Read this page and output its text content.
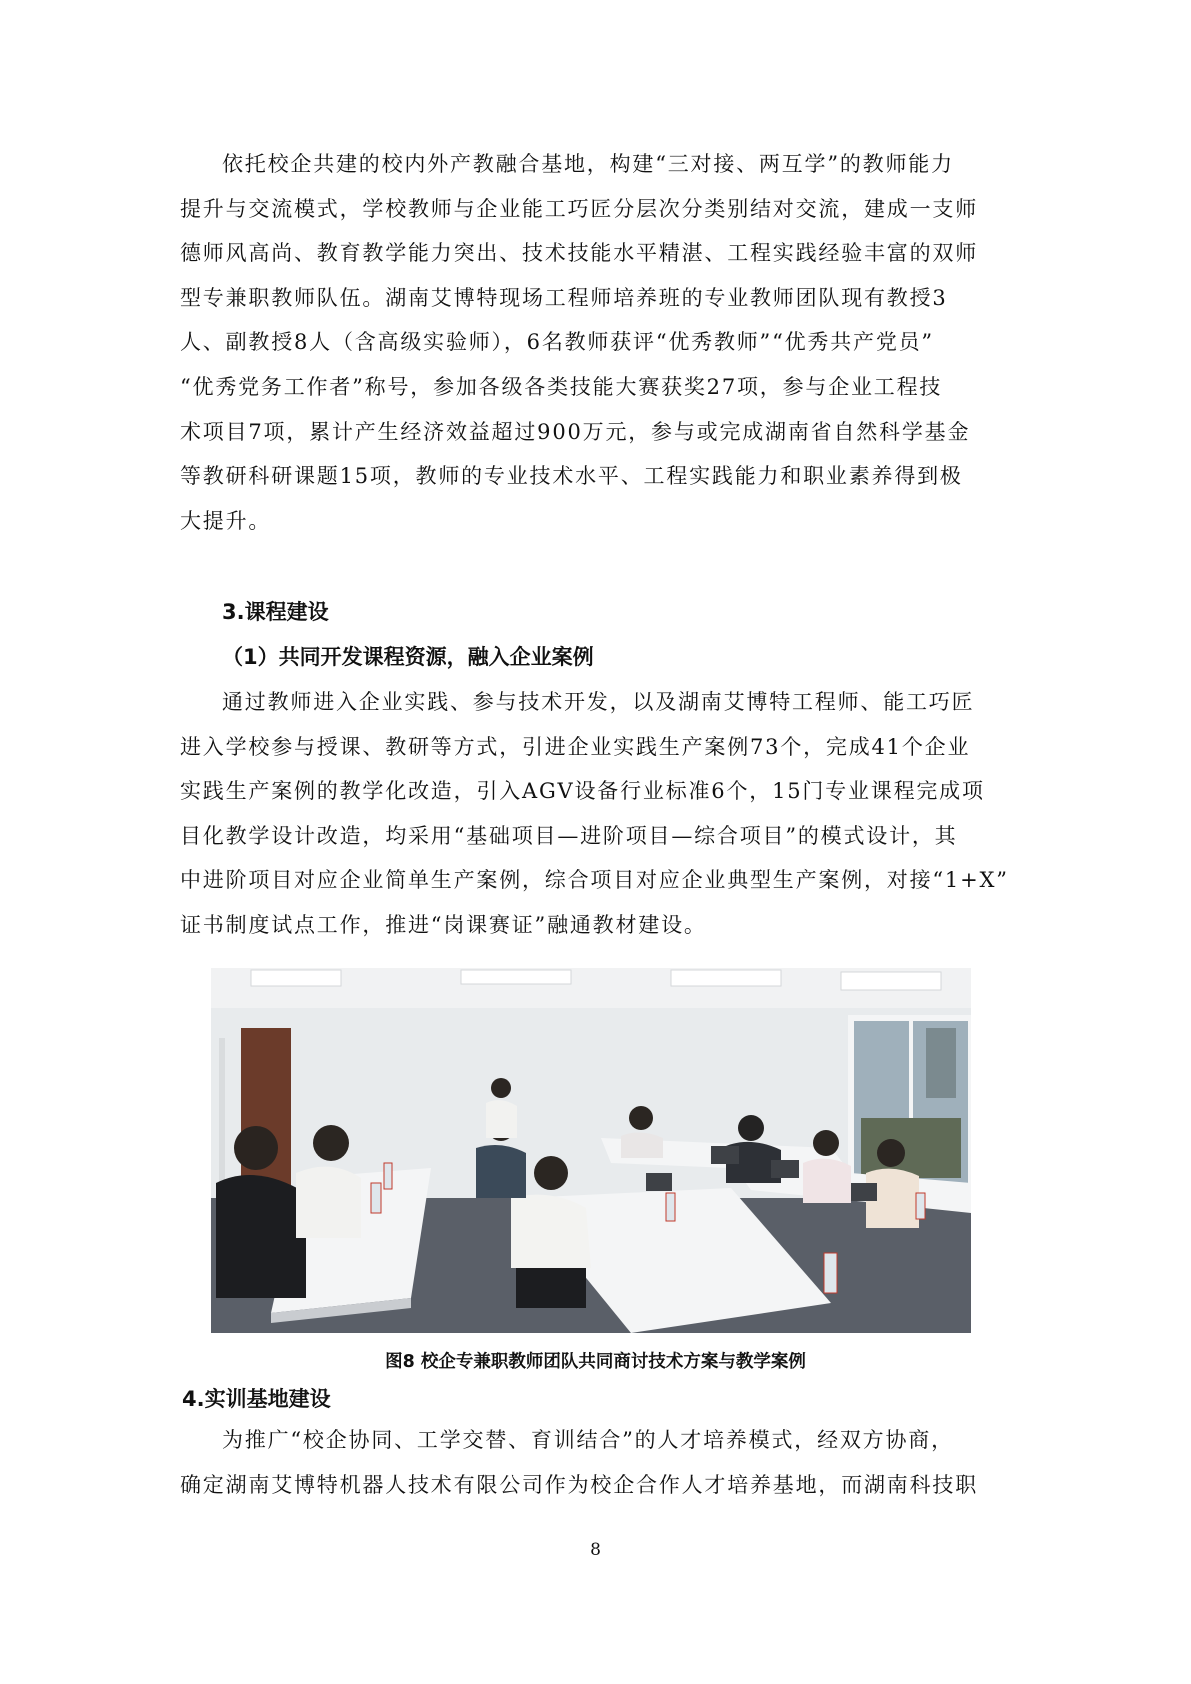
依托校企共建的校内外产教融合基地，构建“三对接、两互学”的教师能力
提升与交流模式，学校教师与企业能工巧匠分层次分类别结对交流，建成一支师
德师风高尚、教育教学能力突出、技术技能水平精湛、工程实践经验丰富的双师
型专兼职教师队伍。湖南艾博特现场工程师培养班的专业教师团队现有教授3
人、副教授8人（含高级实验师），6名教师获评“优秀教师”“优秀共产党员”
“优秀党务工作者”称号，参加各级各类技能大赛获奖27项，参与企业工程技
术项目7项，累计产生经济效益超过900万元，参与或完成湖南省自然科学基金
等教研科研课题15项，教师的专业技术水平、工程实践能力和职业素养得到极
大提升。
3.课程建设
（1）共同开发课程资源，融入企业案例
通过教师进入企业实践、参与技术开发，以及湖南艾博特工程师、能工巧匠
进入学校参与授课、教研等方式，引进企业实践生产案例73个，完成41个企业
实践生产案例的教学化改造，引入AGV设备行业标准6个，15门专业课程完成项
目化教学设计改造，均采用“基础项目—进阶项目—综合项目”的模式设计，其
中进阶项目对应企业简单生产案例，综合项目对应企业典型生产案例，对接“1+X”
证书制度试点工作，推进“岗课赛证”融通教材建设。

图8 校企专兼职教师团队共同商讨技术方案与教学案例

4.实训基地建设
为推广“校企协同、工学交替、育训结合”的人才培养模式，经双方协商，
确定湖南艾博特机器人技术有限公司作为校企合作人才培养基地，而湖南科技职
8
